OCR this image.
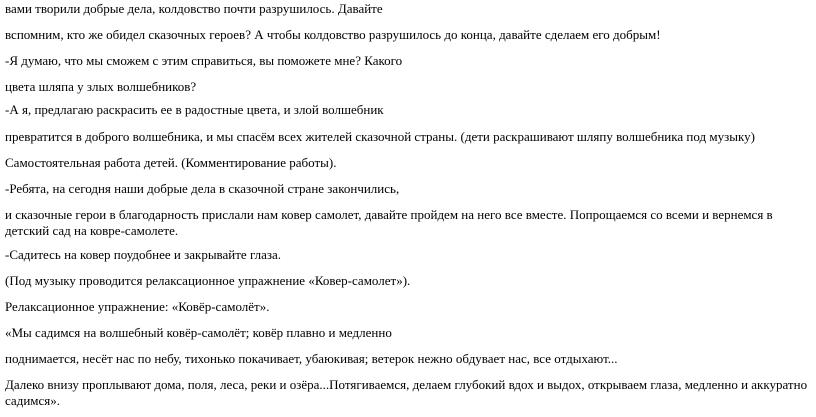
вами творили добрые дела, колдовство почти разрушилось. Давайте

вспомним, кто же обидел сказочных героев? А чтобы колдовство разрушилось до конца, давайте сделаем его добрым!

-Я думаю, что мы сможем с этим справиться, вы поможете мне? Какого

цвета шляпа у злых волшебников?

-А я, предлагаю раскрасить ее в радостные цвета, и злой волшебник

превратится в доброго волшебника, и мы спасём всех жителей сказочной страны. (дети раскрашивают шляпу волшебника под музыку)

Самостоятельная работа детей. (Комментирование работы).

-Ребята, на сегодня наши добрые дела в сказочной стране закончились,

и сказочные герои в благодарность прислали нам ковер самолет, давайте пройдем на него все вместе. Попрощаемся со всеми и вернемся в детский сад на ковре-самолете.

-Садитесь на ковер поудобнее и закрывайте глаза.

(Под музыку проводится релаксационное упражнение «Ковер-самолет»).

Релаксационное упражнение: «Ковёр-самолёт».

«Мы садимся на волшебный ковёр-самолёт; ковёр плавно и медленно

поднимается, несёт нас по небу, тихонько покачивает, убаюкивая; ветерок нежно обдувает нас, все отдыхают...

Далеко внизу проплывают дома, поля, леса, реки и озёра...Потягиваемся, делаем глубокий вдох и выдох, открываем глаза, медленно и аккуратно садимся».
